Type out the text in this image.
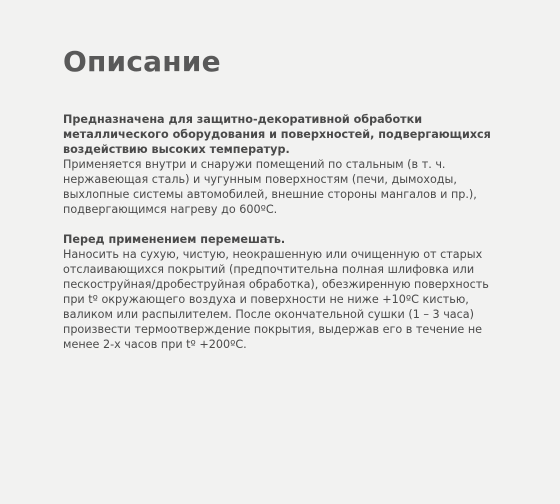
Описание

Предназначена для защитно-декоративной обработки металлического оборудования и поверхностей, подвергающихся воздействию высоких температур.

Применяется внутри и снаружи помещений по стальным (в т. ч. нержавеющая сталь) и чугунным поверхностям (печи, дымоходы, выхлопные системы автомобилей, внешние стороны мангалов и пр.), подвергающимся нагреву до 600ºС.

Перед применением перемешать.

Наносить на сухую, чистую, неокрашенную или очищенную от старых отслаивающихся покрытий (предпочтительна полная шлифовка или пескоструйная/дробеструйная обработка), обезжиренную поверхность при tº окружающего воздуха и поверхности не ниже +10ºС кистью, валиком или распылителем. После окончательной сушки (1 – 3 часа) произвести термоотверждение покрытия, выдержав его в течение не менее 2-х часов при tº +200ºС.
